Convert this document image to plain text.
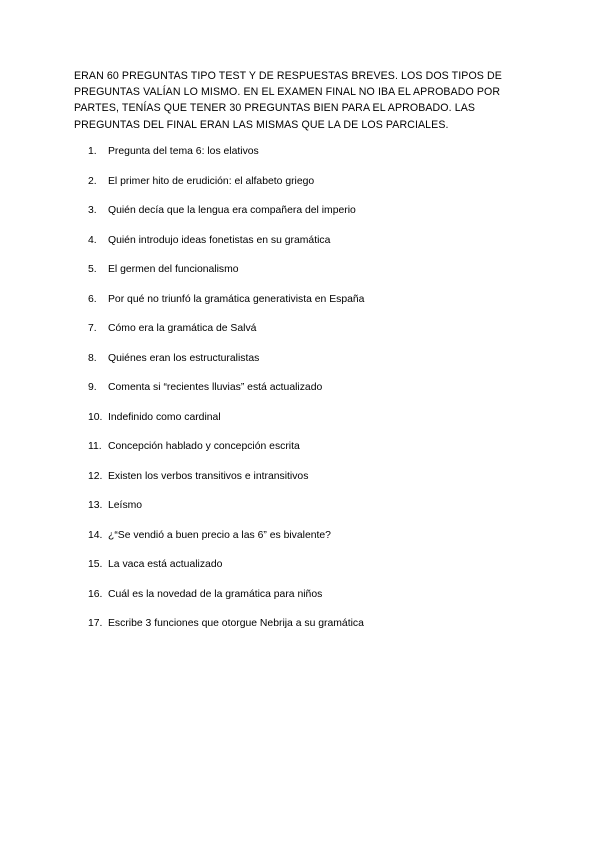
ERAN 60 PREGUNTAS TIPO TEST Y DE RESPUESTAS BREVES. LOS DOS TIPOS DE PREGUNTAS VALÍAN LO MISMO. EN EL EXAMEN FINAL NO IBA EL APROBADO POR PARTES, TENÍAS QUE TENER 30 PREGUNTAS BIEN PARA EL APROBADO. LAS PREGUNTAS DEL FINAL ERAN LAS MISMAS QUE LA DE LOS PARCIALES.

1.	Pregunta del tema 6: los elativos
2.	El primer hito de erudición: el alfabeto griego
3.	Quién decía que la lengua era compañera del imperio
4.	Quién introdujo ideas fonetistas en su gramática
5.	El germen del funcionalismo
6.	Por qué no triunfó la gramática generativista en España
7.	Cómo era la gramática de Salvá
8.	Quiénes eran los estructuralistas
9.	Comenta si “recientes lluvias” está actualizado
10. Indefinido como cardinal
11. Concepción hablado y concepción escrita
12. Existen los verbos transitivos e intransitivos
13. Leísmo
14. ¿“Se vendió a buen precio a las 6” es bivalente?
15. La vaca está actualizado
16. Cuál es la novedad de la gramática para niños
17. Escribe 3 funciones que otorgue Nebrija a su gramática
